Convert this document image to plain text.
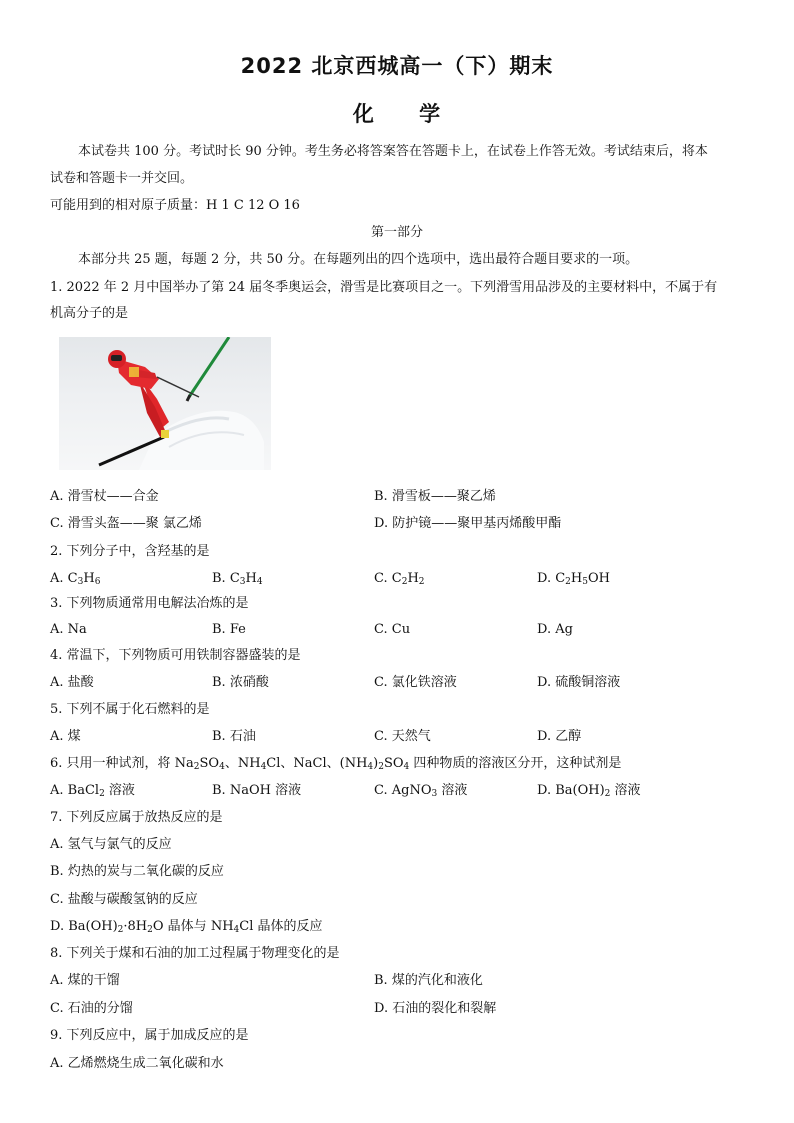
2022 北京西城高一（下）期末
化 学
本试卷共 100 分。考试时长 90 分钟。考生务必将答案答在答题卡上，在试卷上作答无效。考试结束后，将本
试卷和答题卡一并交回。
可能用到的相对原子质量：H 1 C 12 O 16
第一部分
本部分共 25 题，每题 2 分，共 50 分。在每题列出的四个选项中，选出最符合题目要求的一项。
1. 2022 年 2 月中国举办了第 24 届冬季奥运会，滑雪是比赛项目之一。下列滑雪用品涉及的主要材料中，不属于有
机高分子的是
A. 滑雪杖——合金	B. 滑雪板——聚乙烯
C. 滑雪头盔——聚 氯乙烯	D. 防护镜——聚甲基丙烯酸甲酯
2. 下列分子中，含羟基的是
A. $C_3H_6$	B. $C_3H_4$	C. $C_2H_2$	D. $C_2H_5OH$
3. 下列物质通常用电解法冶炼的是
A. Na	B. Fe	C. Cu	D. Ag
4. 常温下，下列物质可用铁制容器盛装的是
A. 盐酸	B. 浓硝酸	C. 氯化铁溶液	D. 硫酸铜溶液
5. 下列不属于化石燃料的是
A. 煤	B. 石油	C. 天然气	D. 乙醇
6. 只用一种试剂，将 $Na_2SO_4$、$NH_4Cl$、NaCl、$(NH_4)_2SO_4$ 四种物质的溶液区分开，这种试剂是
A. BaCl$_2$ 溶液	B. NaOH 溶液	C. AgNO$_3$ 溶液	D. $Ba(OH)_2$ 溶液
7. 下列反应属于放热反应的是
A. 氢气与氯气的反应
B. 灼热的炭与二氧化碳的反应
C. 盐酸与碳酸氢钠的反应
D. $Ba(OH)_2\cdot 8H_2O$ 晶体与 $NH_4Cl$ 晶体的反应
8. 下列关于煤和石油的加工过程属于物理变化的是
A. 煤的干馏	B. 煤的汽化和液化
C. 石油的分馏	D. 石油的裂化和裂解
9. 下列反应中，属于加成反应的是
A. 乙烯燃烧生成二氧化碳和水
